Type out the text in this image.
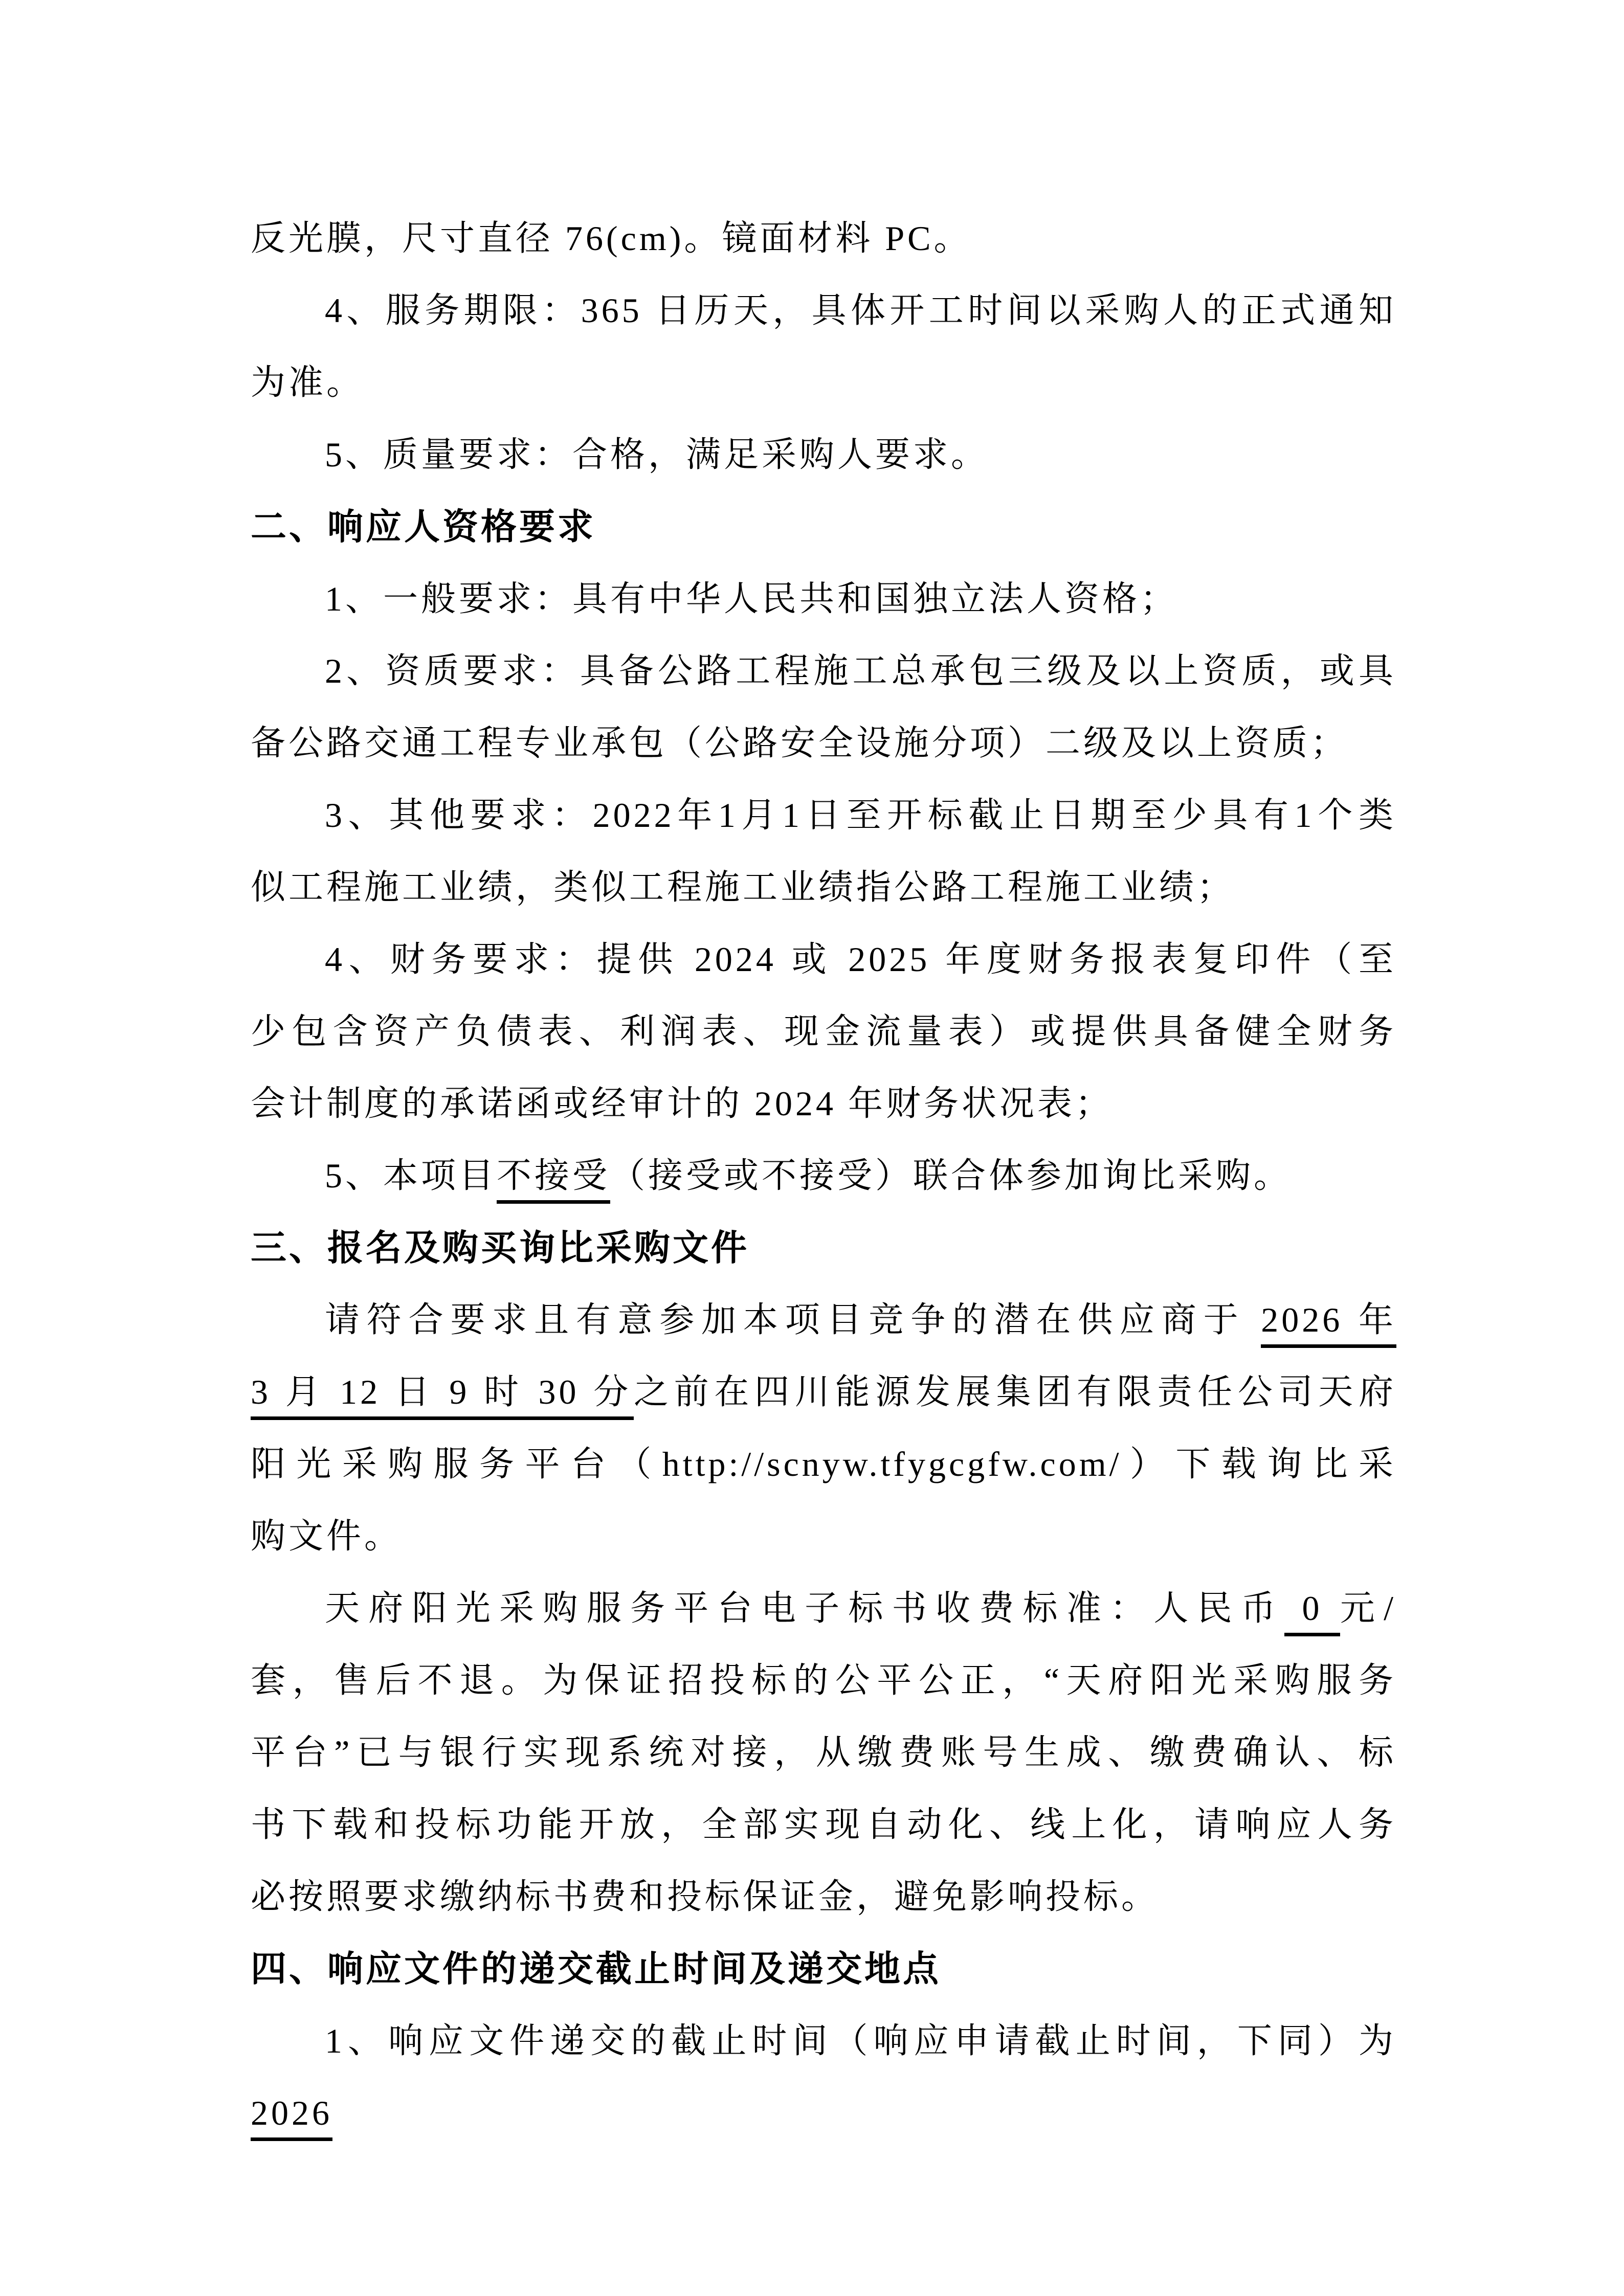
反光膜，尺寸直径 76(cm)。镜面材料 PC。
4、服务期限：365 日历天，具体开工时间以采购人的正式通知
为准。
5、质量要求：合格，满足采购人要求。
二、响应人资格要求
1、一般要求：具有中华人民共和国独立法人资格；
2、资质要求：具备公路工程施工总承包三级及以上资质，或具
备公路交通工程专业承包（公路安全设施分项）二级及以上资质；
3、其他要求：2022年1月1日至开标截止日期至少具有1个类
似工程施工业绩，类似工程施工业绩指公路工程施工业绩；
4、财务要求：提供 2024 或 2025 年度财务报表复印件（至
少包含资产负债表、利润表、现金流量表）或提供具备健全财务
会计制度的承诺函或经审计的 2024 年财务状况表；
5、本项目不接受（接受或不接受）联合体参加询比采购。
三、报名及购买询比采购文件
请符合要求且有意参加本项目竞争的潜在供应商于 2026 年
3 月 12 日 9 时 30 分之前在四川能源发展集团有限责任公司天府
阳光采购服务平台（http://scnyw.tfygcgfw.com/）下载询比采
购文件。
天府阳光采购服务平台电子标书收费标准：人民币 0 元/
套，售后不退。为保证招投标的公平公正，“天府阳光采购服务
平台”已与银行实现系统对接，从缴费账号生成、缴费确认、标
书下载和投标功能开放，全部实现自动化、线上化，请响应人务
必按照要求缴纳标书费和投标保证金，避免影响投标。
四、响应文件的递交截止时间及递交地点
1、响应文件递交的截止时间（响应申请截止时间，下同）为 2026
